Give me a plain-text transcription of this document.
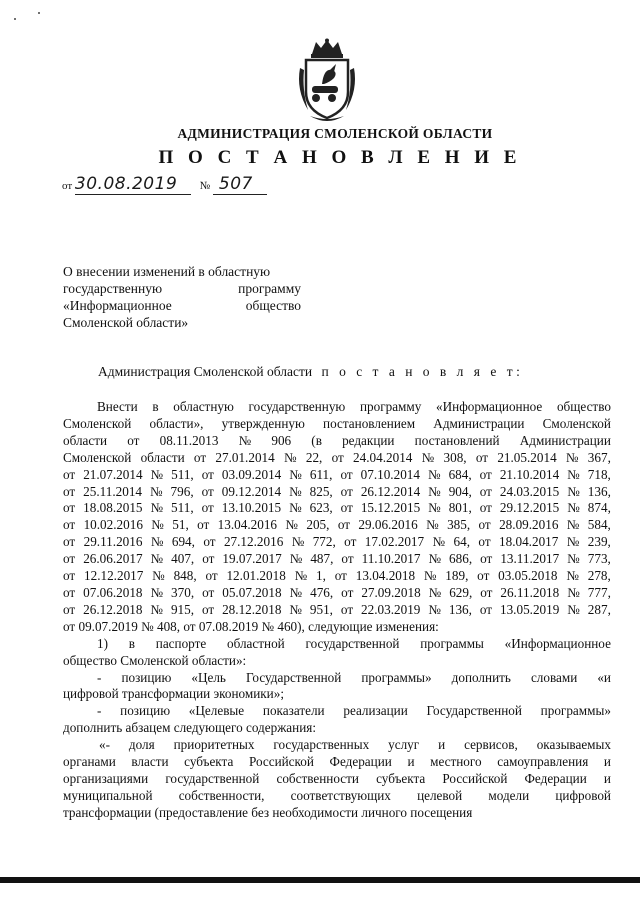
АДМИНИСТРАЦИЯ СМОЛЕНСКОЙ ОБЛАСТИ
П О С Т А Н О В Л Е Н И Е
от 30.08.2019 № 507
О внесении изменений в областную
государственную	программу
«Информационное	общество
Смоленской области»
Администрация Смоленской области п о с т а н о в л я е т:
Внести в областную государственную программу «Информационное общество
Смоленской области», утвержденную постановлением Администрации Смоленской
области от 08.11.2013 № 906 (в редакции постановлений Администрации
Смоленской области от 27.01.2014 № 22, от 24.04.2014 № 308, от 21.05.2014 № 367,
от 21.07.2014 № 511, от 03.09.2014 № 611, от 07.10.2014 № 684, от 21.10.2014 № 718,
от 25.11.2014 № 796, от 09.12.2014 № 825, от 26.12.2014 № 904, от 24.03.2015 № 136,
от 18.08.2015 № 511, от 13.10.2015 № 623, от 15.12.2015 № 801, от 29.12.2015 № 874,
от 10.02.2016 № 51, от 13.04.2016 № 205, от 29.06.2016 № 385, от 28.09.2016 № 584,
от 29.11.2016 № 694, от 27.12.2016 № 772, от 17.02.2017 № 64, от 18.04.2017 № 239,
от 26.06.2017 № 407, от 19.07.2017 № 487, от 11.10.2017 № 686, от 13.11.2017 № 773,
от 12.12.2017 № 848, от 12.01.2018 № 1, от 13.04.2018 № 189, от 03.05.2018 № 278,
от 07.06.2018 № 370, от 05.07.2018 № 476, от 27.09.2018 № 629, от 26.11.2018 № 777,
от 26.12.2018 № 915, от 28.12.2018 № 951, от 22.03.2019 № 136, от 13.05.2019 № 287,
от 09.07.2019 № 408, от 07.08.2019 № 460), следующие изменения:
1) в паспорте областной государственной программы «Информационное
общество Смоленской области»:
- позицию «Цель Государственной программы» дополнить словами «и
цифровой трансформации экономики»;
- позицию «Целевые показатели реализации Государственной программы»
дополнить абзацем следующего содержания:
«- доля приоритетных государственных услуг и сервисов, оказываемых
органами власти субъекта Российской Федерации и местного самоуправления и
организациями государственной собственности субъекта Российской Федерации и
муниципальной собственности, соответствующих целевой модели цифровой
трансформации (предоставление без необходимости личного посещения
